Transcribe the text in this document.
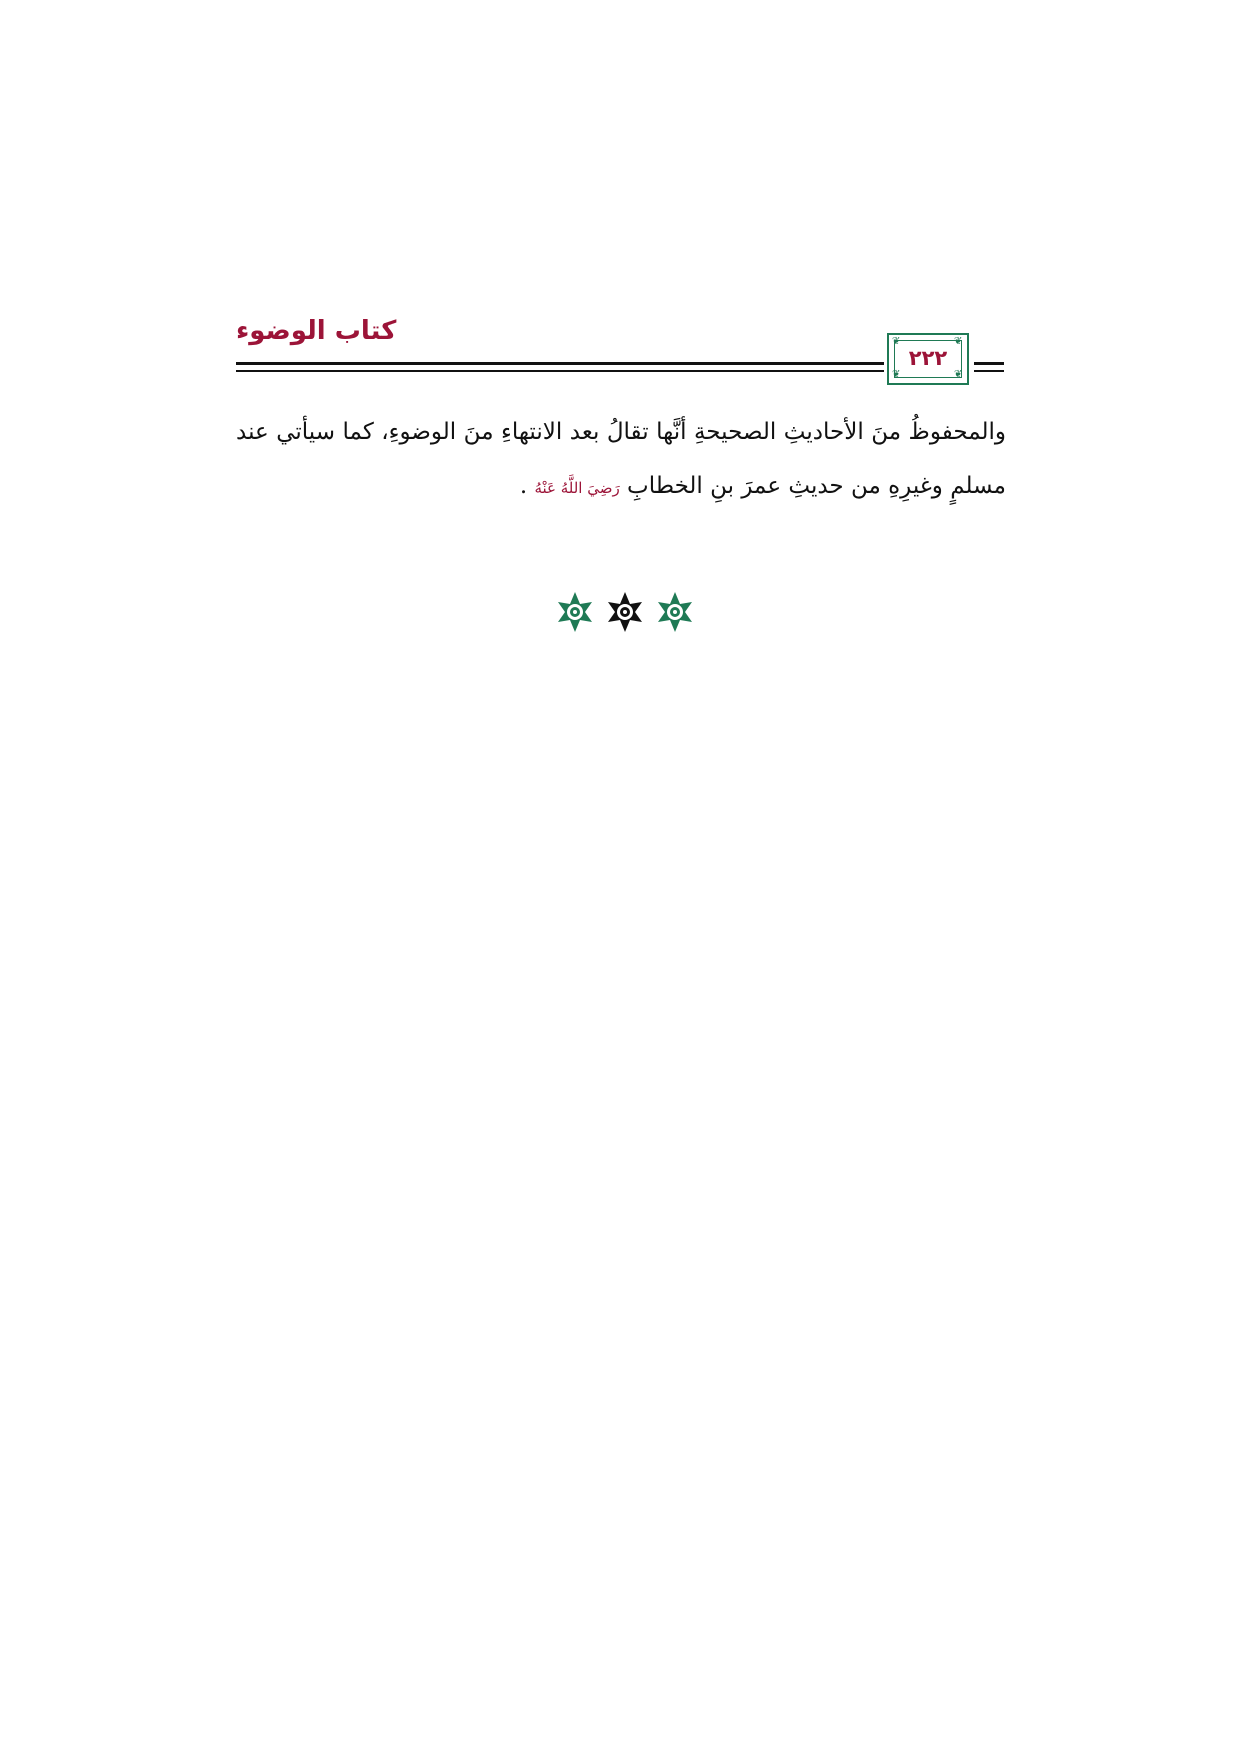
كتاب الوضوء	❦	❦
❦	❦
٢٢٢
والمحفوظُ منَ الأحاديثِ الصحيحةِ أنَّها تقالُ بعد الانتهاءِ منَ الوضوءِ، كما سيأتي عند مسلمٍ وغيرِهِ من حديثِ عمرَ بنِ الخطابِ رَضِيَ اللَّهُ عَنْهُ .
